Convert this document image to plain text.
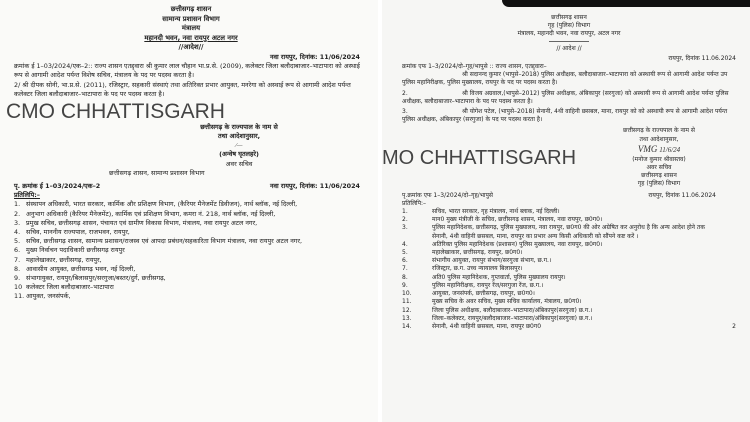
छत्तीसगढ़ शासन
सामान्य प्रशासन विभाग
मंत्रालय
महानदी भवन, नवा रायपुर अटल नगर
//आदेश//
नवा रायपुर, दिनांक: 11/06/2024

क्रमांक ई 1–03/2024/एक–2:: राज्य शासन एतद्द्वारा श्री कुमार लाल चौहान भा.प्र.से. (2009), कलेक्टर जिला बलौदाबाजार–भाटापारा को अस्थाई रूप से आगामी आदेश पर्यन्त विशेष सचिव, मंत्रालय के पद पर पदस्थ करता है।

2/ श्री दीपक सोनी, भा.प्र.से. (2011), रजिस्ट्रार, सहकारी संस्थाएं तथा अतिरिक्त प्रभार आयुक्त, मनरेगा को अस्थाई रूप से आगामी आदेश पर्यन्त कलेक्टर जिला बलौदाबाजार–भाटापारा के पद पर पदस्थ करता है।

CMO CHHATTISGARH
छत्तीसगढ़ के राज्यपाल के नाम से
तथा आदेशानुसार,
⁄—
(अन्वेष घृतलहरे)
अवर सचिव
छत्तीसगढ़ शासन, सामान्य प्रशासन विभाग
पृ. क्रमांक ई 1–03/2024/एक–2	नवा रायपुर, दिनांक: 11/06/2024
प्रतिलिपि:–
1. संस्थापन अधिकारी, भारत सरकार, कार्मिक और प्रशिक्षण विभाग, (कैरियर मैनेजमेंट डिवीजन), नार्थ ब्लॉक, नई दिल्ली,
2. अनुभाग अधिकारी (कैरियर मैनेजमेंट), कार्मिक एवं प्रशिक्षण विभाग, कमरा नं. 218, नार्थ ब्लॉक, नई दिल्ली,
3. प्रमुख सचिव, छत्तीसगढ़ शासन, पंचायत एवं ग्रामीण विकास विभाग, मंत्रालय, नवा रायपुर अटल नगर,
4. सचिव, माननीय राज्यपाल, राजभवन, रायपुर,
5. सचिव, छत्तीसगढ़ शासन, सामान्य प्रशासन/राजस्व एवं आपदा प्रबंधन/सहकारिता विभाग मंत्रालय, नवा रायपुर अटल नगर,
6. मुख्य निर्वाचन पदाधिकारी छत्तीसगढ़ रायपुर
7. महालेखाकार, छत्तीसगढ़, रायपुर,
8. आवासीय आयुक्त, छत्तीसगढ़ भवन, नई दिल्ली,
9. संभागायुक्त, रायपुर/बिलासपुर/सरगुजा/बस्तर/दुर्ग, छत्तीसगढ़,
10 कलेक्टर जिला बलौदाबाजार–भाटापारा
11. आयुक्त, जनसंपर्क,
छत्तीसगढ़ शासन
गृह (पुलिस) विभाग
मंत्रालय, महानदी भवन, नवा रायपुर, अटल नगर
// आदेश //
रायपुर, दिनांक 11.06.2024
क्रमांक एफ 1–3/2024/दो–गृह/भापुसे :: राज्य शासन, एतद्द्वारा–

श्री सदानन्द कुमार (भापुसे–2018) पुलिस अधीक्षक, बलौदाबाजार–भाटापारा को अस्थायी रूप से आगामी आदेश पर्यन्त उप पुलिस महानिरीक्षक, पुलिस मुख्यालय, रायपुर के पद पर पदस्थ करता है।

2.	श्री विजय अग्रवाल,(भापुसे–2012) पुलिस अधीक्षक, अंबिकापुर (सरगुजा) को अस्थायी रूप से आगामी आदेश पर्यन्त पुलिस अधीक्षक, बलौदाबाजार–भाटापारा के पद पर पदस्थ करता है।

3.	श्री योगेश पटेल, (भापुसे–2018) सेनानी, 4थी वाहिनी छसबल, माना, रायपुर को को अस्थायी रूप से आगामी आदेश पर्यन्त पुलिस अधीक्षक, अंबिकापुर (सरगुजा) के पद पर पदस्थ करता है।

MO CHHATTISGARH
छत्तीसगढ़ के राज्यपाल के नाम से
तथा आदेशानुसार,
VMG 11/6/24
(मनोज कुमार श्रीवास्तव)
अवर सचिव
छत्तीसगढ़ शासन
गृह (पुलिस) विभाग
पृ.क्रमांक एफ 1–3/2024/दो–गृह/भापुसे	रायपुर, दिनांक 11.06.2024
प्रतिलिपि:–
1.	सचिव, भारत सरकार, गृह मंत्रालय, नार्थ ब्लाक, नई दिल्ली।
2.	मान0 मुख्य मंत्रीजी के सचिव, छत्तीसगढ़ शासन, मंत्रालय, नवा रायपुर, छ0ग0।
3.	पुलिस महानिदेशक, छत्तीसगढ़, पुलिस मुख्यालय, नवा रायपुर, छ0ग0 की ओर अग्रेषित कर अनुरोध है कि अन्य आदेश होने तक सेनानी, 4थी वाहिनी छसबल, माना, रायपुर का प्रभार अन्य किसी अधिकारी को सौंपने कष्ट करें ।
4.	अतिरिक्त पुलिस महानिदेशक (प्रशासन) पुलिस मुख्यालय, नवा रायपुर, छ0ग0।
5.	महालेखाकार, छत्तीसगढ़, रायपुर, छ0ग0।
6.	संभागीय आयुक्त, रायपुर संभाग/सरगुजा संभाग, छ.ग.।
7.	रजिस्ट्रार, छ.ग. उच्च न्यायालय बिलासपुर।
8.	अति0 पुलिस महानिदेशक, गुप्तवार्ता, पुलिस मुख्यालय रायपुर।
9.	पुलिस महानिरीक्षक, रायपुर रेंज/सरगुजा रेंज, छ.ग.।
10.	आयुक्त, जनसंपर्क, छत्तीसगढ़, रायपुर, छ0ग0।
11.	मुख्य सचिव के अवर सचिव, मुख्य सचिव कार्यालय, मंत्रालय, छ0ग0।
12.	जिला पुलिस अधीक्षक, बलौदाबाजार–भाटापारा/अंबिकापुर(सरगुजा) छ.ग.।
13.	जिला–कलेक्टर, रायपुर/बलौदाबाजार–भाटापारा/अंबिकापुर(सरगुजा) छ.ग.।
14.	सेनानी, 4थी वाहिनी छसबल, माना, रायपुर छ0ग0	2
